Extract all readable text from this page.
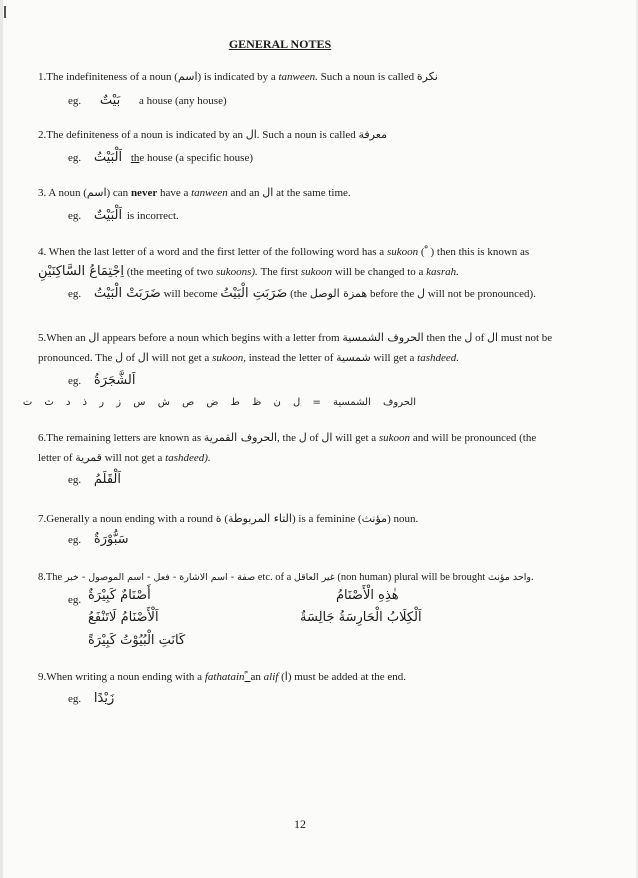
GENERAL NOTES
1.The indefiniteness of a noun (اسم) is indicated by a tanween. Such a noun is called نكرة
eg. بَيْتٌ a house (any house)
2.The definiteness of a noun is indicated by an ال. Such a noun is called معرفة
eg. اَلْبَيْتُ the house (a specific house)
3. A noun (اسم) can never have a tanween and an ال at the same time.
eg. اَلْبَيْتٌ is incorrect.
4. When the last letter of a word and the first letter of the following word has a sukoon ( ْ ) then this is known as
اِجْتِمَاعُ السَّاكِنَيْنِ (the meeting of two sukoons). The first sukoon will be changed to a kasrah.
eg. ضَرَبَتْ الْبَيْتُ will become ضَرَبَتِ الْبَيْتُ (the همزة الوصل before the ل will not be pronounced).
5.When an ال appears before a noun which begins with a letter from الحروف الشمسية then the ل of ال must not be
pronounced. The ل of ال will not get a sukoon, instead the letter of شمسية will get a tashdeed.
eg. اَلشَّجَرَةُ
الحروف الشمسية = ل ن ظ ط ض ص ش س ز ر ذ د ث ت
6.The remaining letters are known as الحروف القمرية, the ل of ال will get a sukoon and will be pronounced (the
letter of قمرية will not get a tashdeed).
eg. اَلْقَلَمُ
7.Generally a noun ending with a round ة (التاء المربوطة) is a feminine (مؤنث) noun.
eg. سَبُّوْرَةٌ
8.The صفة - اسم الاشارة - فعل - اسم الموصول - خبر etc. of a غير العاقل (non human) plural will be brought واحد مؤنث.
eg. أَصْنَامٌ كَبِيْرَةٌ	هٰذِهِ الْأَصْنَامُ
اَلْأَصْنَامُ لَاتَنْفَعُ	اَلْكِلَابُ الْحَارِسَةُ جَالِسَةٌ
كَانَتِ الْبُيُوْتُ كَبِيْرَةً
9.When writing a noun ending with a fathatain ً an alif (ا) must be added at the end.
eg. زَيْدًا
12
